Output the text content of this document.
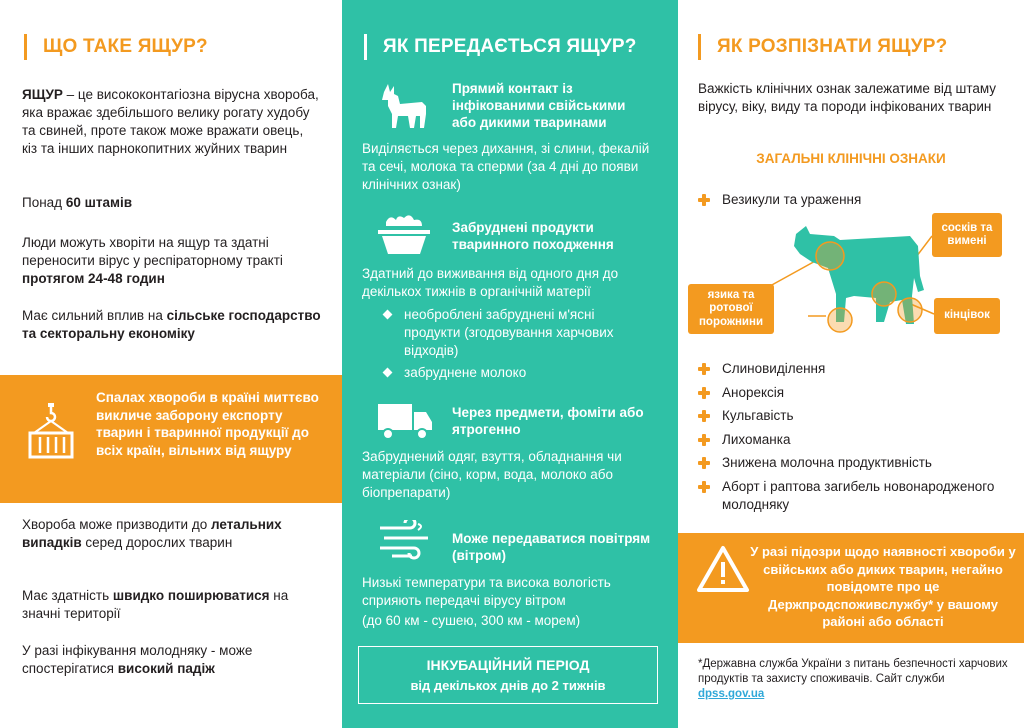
ЩО ТАКЕ ЯЩУР?
ЯЩУР – це висококонтагіозна вірусна хвороба, яка вражає здебільшого велику рогату худобу та свиней, проте також може вражати овець, кіз та інших парнокопитних жуйних тварин
Понад 60 штамів
Люди можуть хворіти на ящур та здатні переносити вірус у респіраторному тракті протягом 24-48 годин
Має сильний вплив на сільське господарство та секторальну економіку
Спалах хвороби в країні миттєво викличе заборону експорту тварин і тваринної продукції до всіх країн, вільних від ящуру
Хвороба може призводити до летальних випадків серед дорослих тварин
Має здатність швидко поширюватися на значні території
У разі інфікування молодняку - може спостерігатися високий падіж
ЯК ПЕРЕДАЄТЬСЯ ЯЩУР?
Прямий контакт із інфікованими свійськими або дикими тваринами
Виділяється через дихання, зі слини, фекалій та сечі, молока та сперми (за 4 дні до появи клінічних ознак)
Забруднені продукти тваринного походження
Здатний до виживання від одного дня до декількох тижнів в органічній матерії
необроблені забруднені м'ясні продукти (згодовування харчових відходів)
забруднене молоко
Через предмети, фоміти або ятрогенно
Забруднений одяг, взуття, обладнання чи матеріали (сіно, корм, вода, молоко або біопрепарати)
Може передаватися повітрям (вітром)
Низькі температури та висока вологість сприяють передачі вірусу вітром
(до 60 км - сушею, 300 км - морем)
ІНКУБАЦІЙНИЙ ПЕРІОД
від декількох днів до 2 тижнів
ЯК РОЗПІЗНАТИ ЯЩУР?
Важкість клінічних ознак залежатиме від штаму вірусу, віку, виду та породи інфікованих тварин
ЗАГАЛЬНІ КЛІНІЧНІ ОЗНАКИ
Везикули та ураження
сосків та вимені
язика та ротової порожнини
кінцівок
Слиновиділення
Анорексія
Кульгавість
Лихоманка
Знижена молочна продуктивність
Аборт і раптова загибель новонародженого молодняку
У разі підозри щодо наявності хвороби у свійських або диких тварин, негайно повідомте про це Держпродспоживслужбу* у вашому районі або області
*Державна служба України з питань безпечності харчових продуктів та захисту споживачів. Сайт служби dpss.gov.ua
